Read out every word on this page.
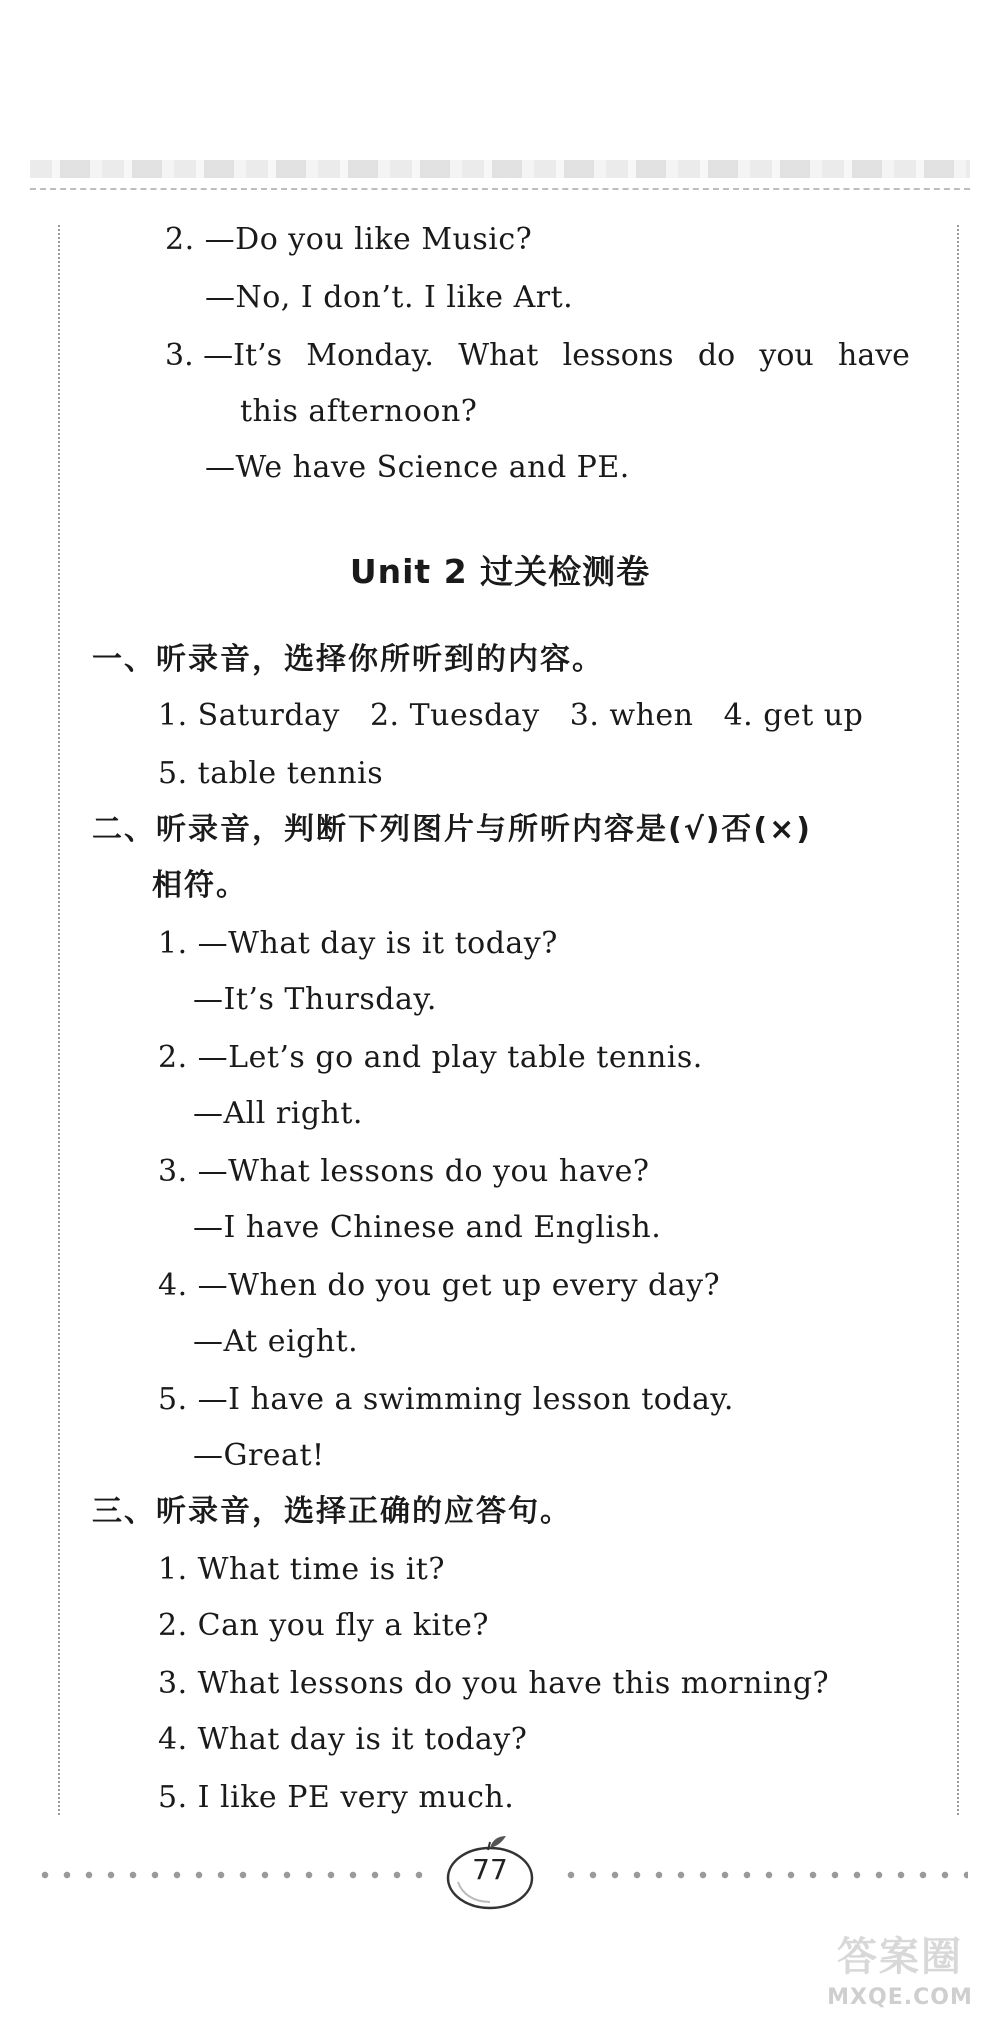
2. —Do you like Music?
—No, I don’t. I like Art.
3. —It’s Monday. What lessons do you have
this afternoon?
—We have Science and PE.
Unit 2 过关检测卷
一、听录音，选择你所听到的内容。
1. Saturday   2. Tuesday   3. when   4. get up
5. table tennis
二、听录音，判断下列图片与所听内容是(√)否(×)
相符。
1. —What day is it today?
—It’s Thursday.
2. —Let’s go and play table tennis.
—All right.
3. —What lessons do you have?
—I have Chinese and English.
4. —When do you get up every day?
—At eight.
5. —I have a swimming lesson today.
—Great!
三、听录音，选择正确的应答句。
1. What time is it?
2. Can you fly a kite?
3. What lessons do you have this morning?
4. What day is it today?
5. I like PE very much.
77
答案圈
MXQE.COM
